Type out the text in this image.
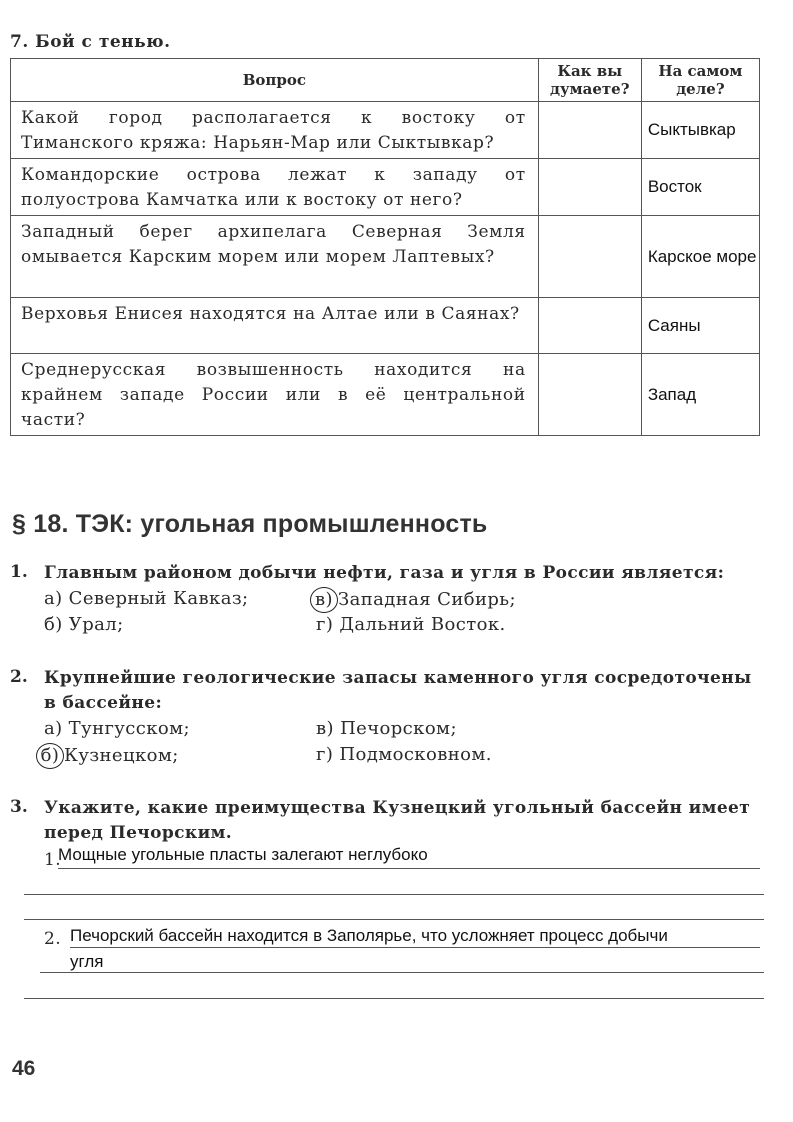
7. Бой с тенью.
Вопрос	Как вы думаете?	На самом деле?
Какой город располагается к востоку от Тиманского кряжа: Нарьян-Мар или Сыктывкар?		Сыктывкар
Командорские острова лежат к западу от полуострова Камчатка или к востоку от него?		Восток
Западный берег архипелага Северная Земля омывается Карским морем или морем Лаптевых?		Карское море
Верховья Енисея находятся на Алтае или в Саянах?		Саяны
Среднерусская возвышенность находится на крайнем западе России или в её центральной части?		Запад
§ 18. ТЭК: угольная промышленность
1. Главным районом добычи нефти, газа и угля в России является:
а) Северный Кавказ;	в) Западная Сибирь;
б) Урал;	г) Дальний Восток.
2. Крупнейшие геологические запасы каменного угля сосредоточены
в бассейне:
а) Тунгусском;	в) Печорском;
б) Кузнецком;	г) Подмосковном.
3. Укажите, какие преимущества Кузнецкий угольный бассейн имеет
перед Печорским.
1.
Мощные угольные пласты залегают неглубоко
2. Печорский бассейн находится в Заполярье, что усложняет процесс добычи
угля
46
